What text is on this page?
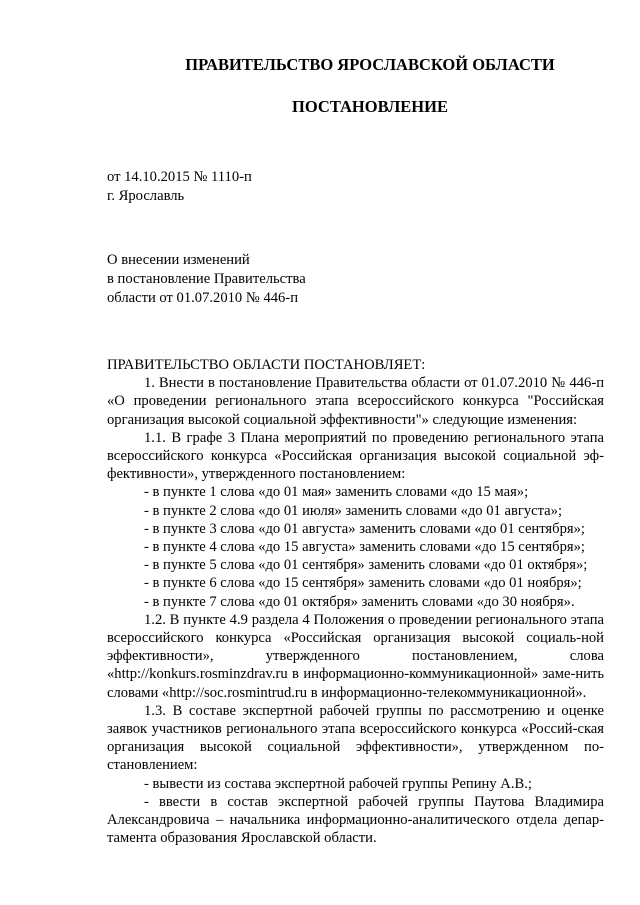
ПРАВИТЕЛЬСТВО ЯРОСЛАВСКОЙ ОБЛАСТИ
ПОСТАНОВЛЕНИЕ
от 14.10.2015 № 1110-п
г. Ярославль
О внесении изменений
в постановление Правительства
области от 01.07.2010 № 446-п

ПРАВИТЕЛЬСТВО ОБЛАСТИ ПОСТАНОВЛЯЕТ:

1. Внести в постановление Правительства области от 01.07.2010 № 446-п «О проведении регионального этапа всероссийского конкурса "Российская организация высокой социальной эффективности"» следующие изменения:

1.1. В графе 3 Плана мероприятий по проведению регионального этапа всероссийского конкурса «Российская организация высокой социальной эф-фективности», утвержденного постановлением:

- в пункте 1 слова «до 01 мая» заменить словами «до 15 мая»;

- в пункте 2 слова «до 01 июля» заменить словами «до 01 августа»;

- в пункте 3 слова «до 01 августа» заменить словами «до 01 сентября»;

- в пункте 4 слова «до 15 августа» заменить словами «до 15 сентября»;

- в пункте 5 слова «до 01 сентября» заменить словами «до 01 октября»;

- в пункте 6 слова «до 15 сентября» заменить словами «до 01 ноября»;

- в пункте 7 слова «до 01 октября» заменить словами «до 30 ноября».

1.2. В пункте 4.9 раздела 4 Положения о проведении регионального этапа всероссийского конкурса «Российская организация высокой социаль-ной эффективности», утвержденного постановлением, слова «http://konkurs.rosminzdrav.ru в информационно-коммуникационной» заме-нить словами «http://soc.rosmintrud.ru в информационно-телекоммуникационной».

1.3. В составе экспертной рабочей группы по рассмотрению и оценке заявок участников регионального этапа всероссийского конкурса «Россий-ская организация высокой социальной эффективности», утвержденном по-становлением:

- вывести из состава экспертной рабочей группы Репину А.В.;

- ввести в состав экспертной рабочей группы Паутова Владимира Александровича – начальника информационно-аналитического отдела депар-тамента образования Ярославской области.
